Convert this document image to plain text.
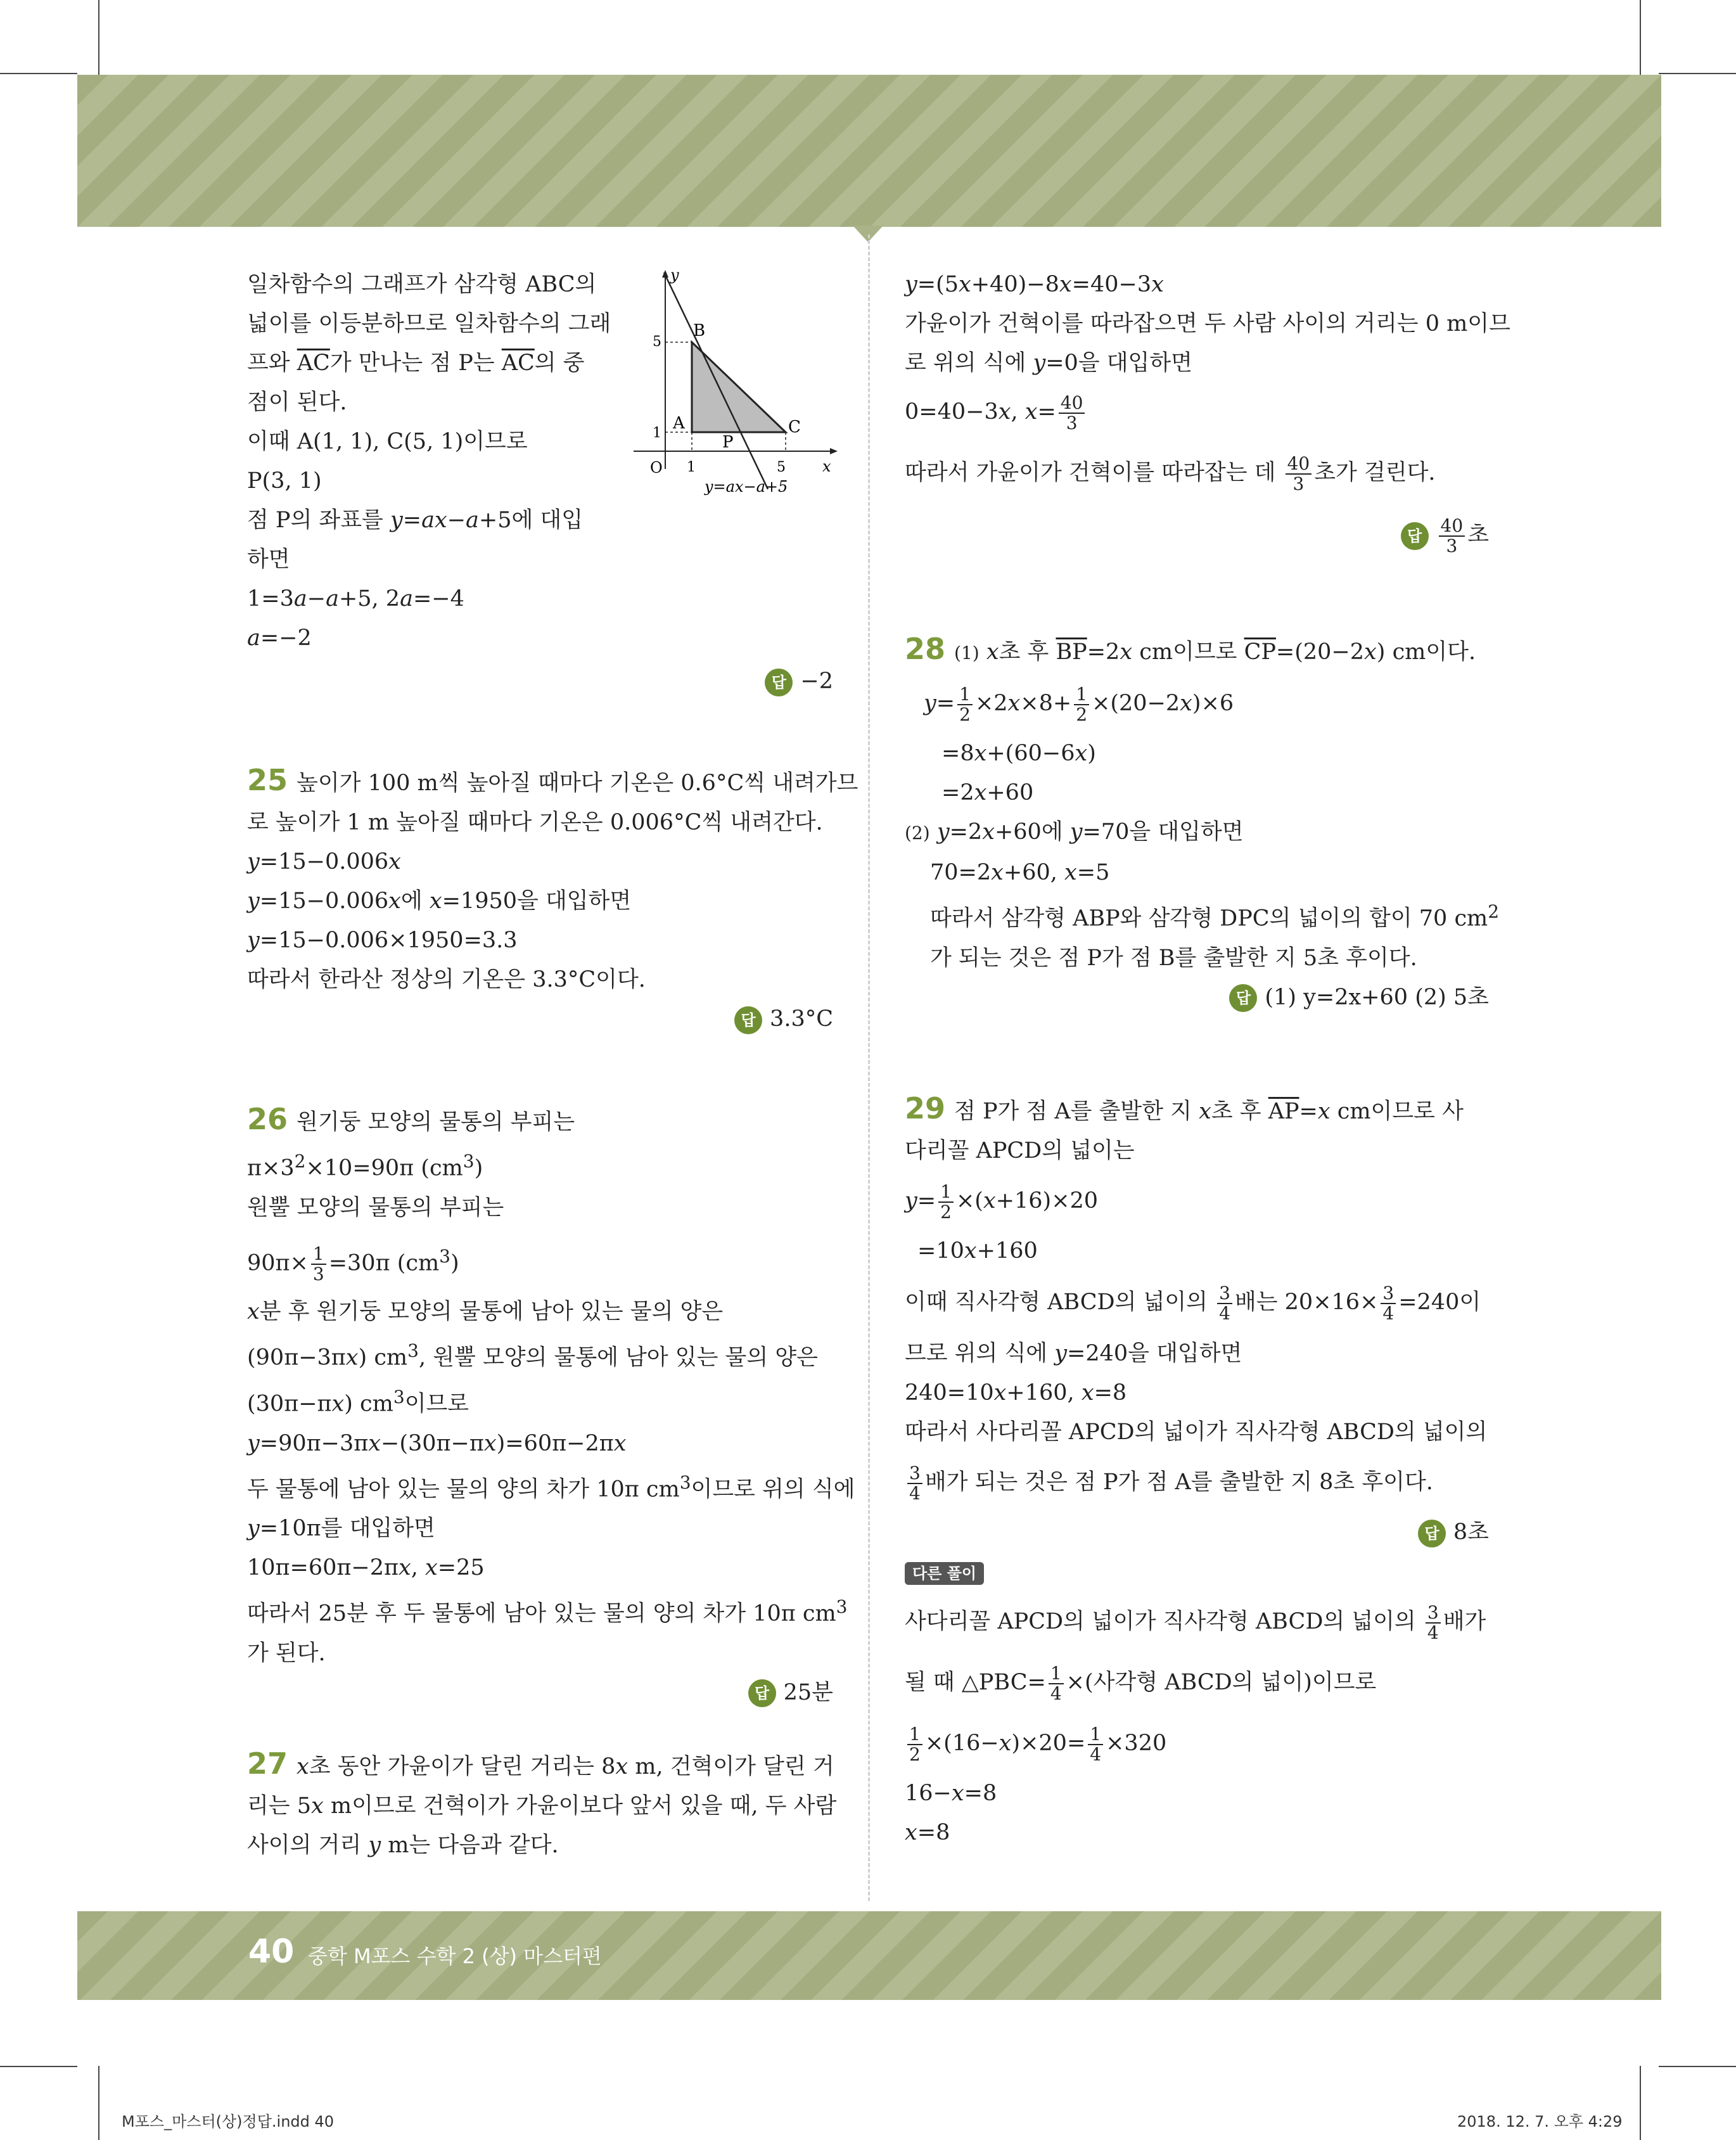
일차함수의 그래프가 삼각형 ABC의

넓이를 이등분하므로 일차함수의 그래

프와 $\overline{AC}$가 만나는 점 P는 $\overline{AC}$의 중

점이 된다.

이때 A(1, 1), C(5, 1)이므로

P(3, 1)

점 P의 좌표를 y=ax−a+5에 대입

하면

1=3a−a+5, 2a=−4

a=−2

답 −2

y
x
O 1	5
1
5
A
B
C
P
y=ax−a+5

25 높이가 100 m씩 높아질 때마다 기온은 0.6°C씩 내려가므

로 높이가 1 m 높아질 때마다 기온은 0.006°C씩 내려간다.

y=15−0.006x

y=15−0.006x에 x=1950을 대입하면

y=15−0.006×1950=3.3

따라서 한라산 정상의 기온은 3.3°C이다.

답 3.3°C

26 원기둥 모양의 물통의 부피는

$\pi\times 3^2\times 10=90\pi$ $(cm^3)$

원뿔 모양의 물통의 부피는

$90\pi\times \frac{1}{3} =30\pi$ $(cm^3)$

x분 후 원기둥 모양의 물통에 남아 있는 물의 양은

(90π−3πx) $cm^3$, 원뿔 모양의 물통에 남아 있는 물의 양은

(30π−πx) $cm^3$이므로

y=90π−3πx−(30π−πx)=60π−2πx

두 물통에 남아 있는 물의 양의 차가 10π $cm^3$이므로 위의 식에

y=10π를 대입하면

10π=60π−2πx, x=25

따라서 25분 후 두 물통에 남아 있는 물의 양의 차가 10π $cm^3$

가 된다.

답 25분

27 x초 동안 가윤이가 달린 거리는 8x m, 건혁이가 달린 거

리는 5x m이므로 건혁이가 가윤이보다 앞서 있을 때, 두 사람

사이의 거리 y m는 다음과 같다.

y=(5x+40)−8x=40−3x

가윤이가 건혁이를 따라잡으면 두 사람 사이의 거리는 0 m이므

로 위의 식에 y=0을 대입하면

0=40−3x, $x= \frac{40}{3}$

따라서 가윤이가 건혁이를 따라잡는 데 $\frac{40}{3}$ 초가 걸린다.

답 $\frac{40}{3}$ 초

28 (1) x초 후 $\overline{BP}=2x$ cm이므로 $\overline{CP}=(20-2x)$ cm이다.

$y= \frac{1}{2} \times 2x\times 8+ \frac{1}{2} \times(20-2x)\times 6$

=8x+(60−6x)

=2x+60

(2) y=2x+60에 y=70을 대입하면

70=2x+60, x=5

따라서 삼각형 ABP와 삼각형 DPC의 넓이의 합이 70 $cm^2$

가 되는 것은 점 P가 점 B를 출발한 지 5초 후이다.

답 (1) y=2x+60 (2) 5초

29 점 P가 점 A를 출발한 지 x초 후 $\overline{AP}=x$ cm이므로 사

다리꼴 APCD의 넓이는

$y= \frac{1}{2} \times(x+16)\times 20$

=10x+160

이때 직사각형 ABCD의 넓이의 $\frac{3}{4}$ 배는 $20\times 16\times \frac{3}{4} =240$이

므로 위의 식에 y=240을 대입하면

240=10x+160, x=8

따라서 사다리꼴 APCD의 넓이가 직사각형 ABCD의 넓이의

$\frac{3}{4}$ 배가 되는 것은 점 P가 점 A를 출발한 지 8초 후이다.

답 8초

다른 풀이

사다리꼴 APCD의 넓이가 직사각형 ABCD의 넓이의 $\frac{3}{4}$ 배가

될 때 △PBC= $\frac{1}{4}$ ×(사각형 ABCD의 넓이)이므로

$\frac{1}{2} \times(16-x)\times 20= \frac{1}{4} \times 320$

16−x=8

x=8

40 중학 M포스 수학 2 (상) 마스터편
M포스_마스터(상)정답.indd 40	2018. 12. 7. 오후 4:29
